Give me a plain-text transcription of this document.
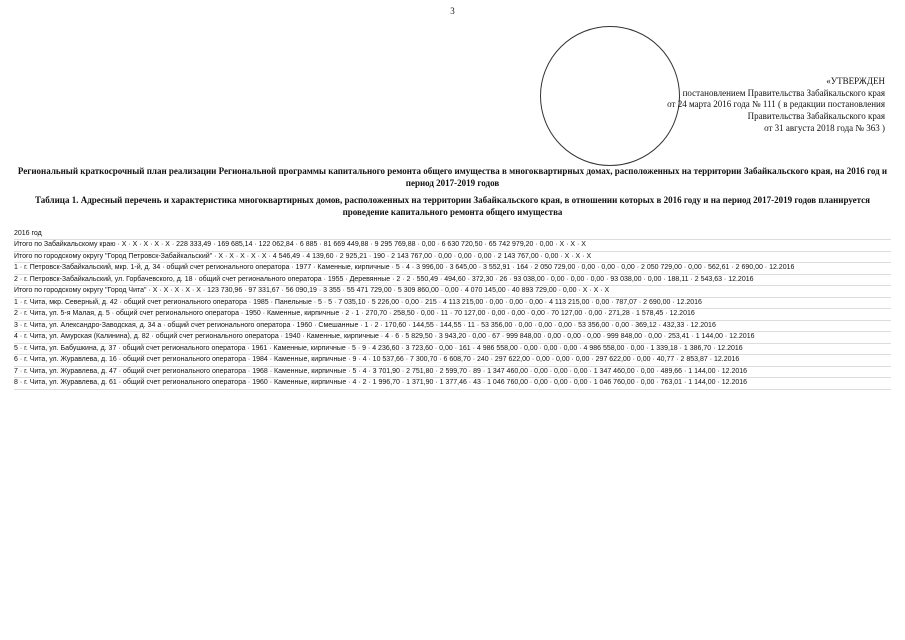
3
«УТВЕРЖДЕН
постановлением Правительства Забайкальского края
от 24 марта 2016 года № 111 ( в редакции постановления
Правительства Забайкальского края
от 31 августа 2018 года № 363 )
Региональный краткосрочный план реализации Региональной программы капитального ремонта общего имущества в многоквартирных домах, расположенных на территории Забайкальского края, на 2016 год и период 2017-2019 годов
Таблица 1. Адресный перечень и характеристика многоквартирных домов, расположенных на территории Забайкальского края, в отношении которых в 2016 году и на период 2017-2019 годов планируется проведение капитального ремонта общего имущества
2016 год
Итого по Забайкальскому краю · X · X · X · X · X · 228 333,49 · 169 685,14 · 122 062,84 · 6 885 · 81 669 449,88 · 9 295 769,88 · 0,00 · 6 630 720,50 · 65 742 979,20 · 0,00 · X · X · X
Итого по городскому округу "Город Петровск-Забайкальский" · X · X · X · X · X · 4 546,49 · 4 139,60 · 2 925,21 · 190 · 2 143 767,00 · 0,00 · 0,00 · 0,00 · 2 143 767,00 · 0,00 · X · X · X
1 · г. Петровск-Забайкальский, мкр. 1-й, д. 34 · общий счет регионального оператора · 1977 · Каменные, кирпичные · 5 · 4 · 3 996,00 · 3 645,00 · 3 552,91 · 164 · 2 050 729,00 · 0,00 · 0,00 · 0,00 · 2 050 729,00 · 0,00 · 562,61 · 2 690,00 · 12.2016
2 · г. Петровск-Забайкальский, ул. Горбачевского, д. 18 · общий счет регионального оператора · 1955 · Деревянные · 2 · 2 · 550,49 · 494,60 · 372,30 · 26 · 93 038,00 · 0,00 · 0,00 · 0,00 · 93 038,00 · 0,00 · 188,11 · 2 543,63 · 12.2016
Итого по городскому округу "Город Чита" · X · X · X · X · X · 123 730,96 · 97 331,67 · 56 090,19 · 3 355 · 55 471 729,00 · 5 309 860,00 · 0,00 · 4 070 145,00 · 40 893 729,00 · 0,00 · X · X · X
1 · г. Чита, мкр. Северный, д. 42 · общий счет регионального оператора · 1985 · Панельные · 5 · 5 · 7 035,10 · 5 226,00 · 0,00 · 215 · 4 113 215,00 · 0,00 · 0,00 · 0,00 · 4 113 215,00 · 0,00 · 787,07 · 2 690,00 · 12.2016
2 · г. Чита, ул. 5-я Малая, д. 5 · общий счет регионального оператора · 1950 · Каменные, кирпичные · 2 · 1 · 270,70 · 258,50 · 0,00 · 11 · 70 127,00 · 0,00 · 0,00 · 0,00 · 70 127,00 · 0,00 · 271,28 · 1 578,45 · 12.2016
3 · г. Чита, ул. Александро-Заводская, д. 34 а · общий счет регионального оператора · 1960 · Смешанные · 1 · 2 · 170,60 · 144,55 · 144,55 · 11 · 53 356,00 · 0,00 · 0,00 · 0,00 · 53 356,00 · 0,00 · 369,12 · 432,33 · 12.2016
4 · г. Чита, ул. Амурская (Калинина), д. 82 · общий счет регионального оператора · 1940 · Каменные, кирпичные · 4 · 6 · 5 829,50 · 3 943,20 · 0,00 · 67 · 999 848,00 · 0,00 · 0,00 · 0,00 · 999 848,00 · 0,00 · 253,41 · 1 144,00 · 12.2016
5 · г. Чита, ул. Бабушкина, д. 37 · общий счет регионального оператора · 1961 · Каменные, кирпичные · 5 · 9 · 4 236,60 · 3 723,60 · 0,00 · 161 · 4 986 558,00 · 0,00 · 0,00 · 0,00 · 4 986 558,00 · 0,00 · 1 339,18 · 1 386,70 · 12.2016
6 · г. Чита, ул. Журавлева, д. 16 · общий счет регионального оператора · 1984 · Каменные, кирпичные · 9 · 4 · 10 537,66 · 7 300,70 · 6 608,70 · 240 · 297 622,00 · 0,00 · 0,00 · 0,00 · 297 622,00 · 0,00 · 40,77 · 2 853,87 · 12.2016
7 · г. Чита, ул. Журавлева, д. 47 · общий счет регионального оператора · 1968 · Каменные, кирпичные · 5 · 4 · 3 701,90 · 2 751,80 · 2 599,70 · 89 · 1 347 460,00 · 0,00 · 0,00 · 0,00 · 1 347 460,00 · 0,00 · 489,66 · 1 144,00 · 12.2016
8 · г. Чита, ул. Журавлева, д. 61 · общий счет регионального оператора · 1960 · Каменные, кирпичные · 4 · 2 · 1 996,70 · 1 371,90 · 1 377,46 · 43 · 1 046 760,00 · 0,00 · 0,00 · 0,00 · 1 046 760,00 · 0,00 · 763,01 · 1 144,00 · 12.2016
